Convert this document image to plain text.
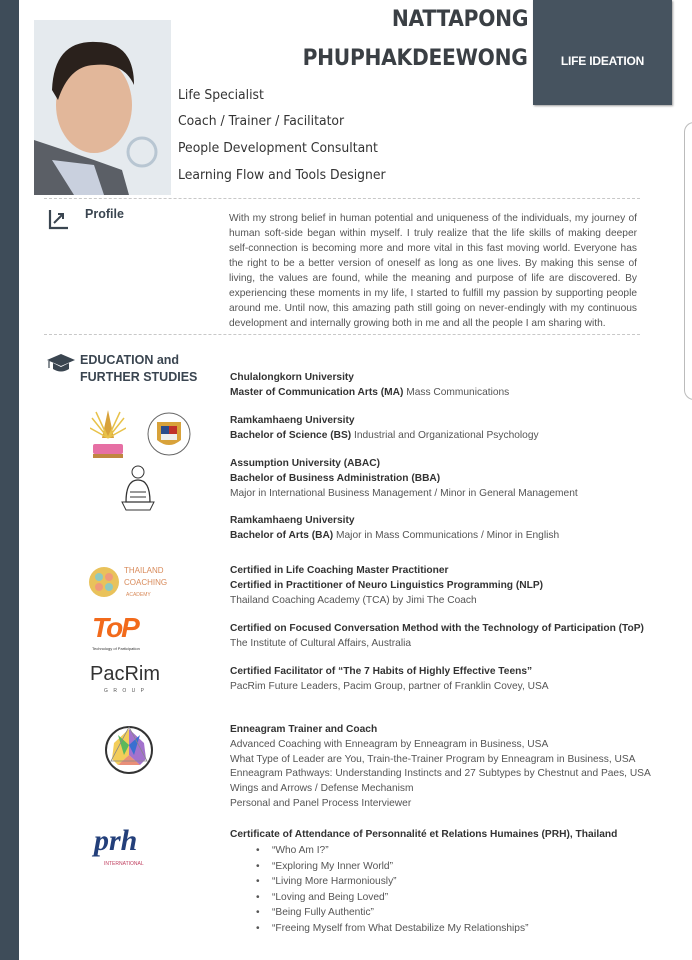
LIFE IDEATION
NATTAPONG
PHUPHAKDEEWONG
Life Specialist
Coach / Trainer / Facilitator
People Development Consultant
Learning Flow and Tools Designer
Profile	With my strong belief in human potential and uniqueness of the individuals, my journey of human soft-side began within myself. I truly realize that the life skills of making deeper self-connection is becoming more and more vital in this fast moving world. Everyone has the right to be a better version of oneself as long as one lives. By making this sense of living, the values are found, while the meaning and purpose of life are discovered. By experiencing these moments in my life, I started to fulfill my passion by supporting people around me. Until now, this amazing path still going on never-endingly with my continuous development and internally growing both in me and all the people I am sharing with.
EDUCATION and
FURTHER STUDIES
THAILAND
COACHING
ACADEMY
ToP
Technology of Participation
PacRim
G R O U P
prh
INTERNATIONAL
Chulalongkorn University
Master of Communication Arts (MA) Mass Communications
Ramkamhaeng University
Bachelor of Science (BS) Industrial and Organizational Psychology
Assumption University (ABAC)
Bachelor of Business Administration (BBA)
Major in International Business Management / Minor in General Management
Ramkamhaeng University
Bachelor of Arts (BA) Major in Mass Communications / Minor in English
Certified in Life Coaching Master Practitioner
Certified in Practitioner of Neuro Linguistics Programming (NLP)
Thailand Coaching Academy (TCA) by Jimi The Coach
Certified on Focused Conversation Method with the Technology of Participation (ToP)
The Institute of Cultural Affairs, Australia
Certified Facilitator of “The 7 Habits of Highly Effective Teens”
PacRim Future Leaders, Pacim Group, partner of Franklin Covey, USA
Enneagram Trainer and Coach
Advanced Coaching with Enneagram by Enneagram in Business, USA
What Type of Leader are You, Train-the-Trainer Program by Enneagram in Business, USA
Enneagram Pathways: Understanding Instincts and 27 Subtypes by Chestnut and Paes, USA
Wings and Arrows / Defense Mechanism
Personal and Panel Process Interviewer
Certificate of Attendance of Personnalité et Relations Humaines (PRH), Thailand
• “Who Am I?”
• “Exploring My Inner World”
• “Living More Harmoniously”
• “Loving and Being Loved”
• “Being Fully Authentic”
• “Freeing Myself from What Destabilize My Relationships”
